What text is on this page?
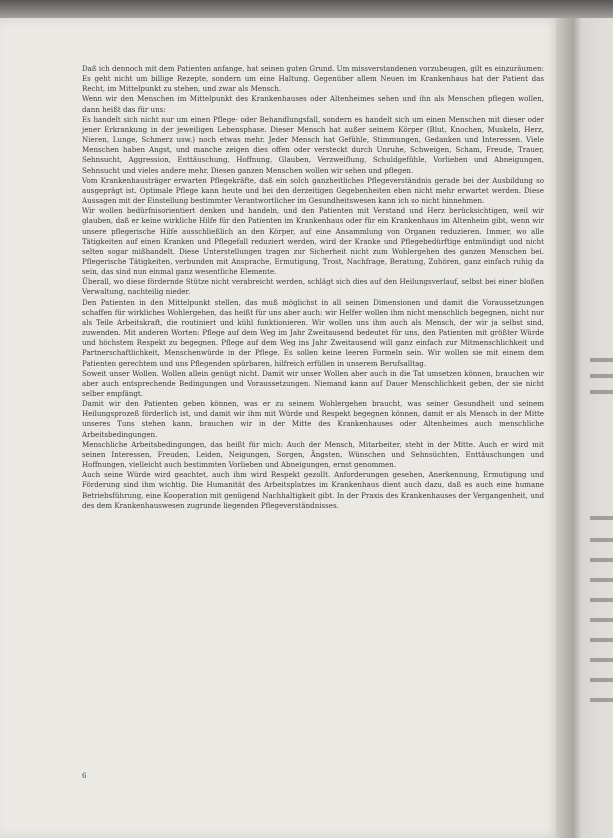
Daß ich dennoch mit dem Patienten anfange, hat seinen guten Grund. Um missverstandenen vorzubeugen, gilt es einzuräumen: Es geht nicht um billige Rezepte, sondern um eine Haltung. Gegenüber allem Neuen im Krankenhaus hat der Patient das Recht, im Mittelpunkt zu stehen, und zwar als Mensch.

Wenn wir den Menschen im Mittelpunkt des Krankenhauses oder Altenheimes sehen und ihn als Menschen pflegen wollen, dann heißt das für uns:

Es handelt sich nicht nur um einen Pflege- oder Behandlungsfall, sondern es handelt sich um einen Menschen mit dieser oder jener Erkrankung in der jeweiligen Lebensphase. Dieser Mensch hat außer seinem Körper (Blut, Knochen, Muskeln, Herz, Nieren, Lunge, Schmerz usw.) noch etwas mehr. Jeder Mensch hat Gefühle, Stimmungen, Gedanken und Interessen. Viele Menschen haben Angst, und manche zeigen dies offen oder versteckt durch Unruhe, Schweigen, Scham, Freude, Trauer, Sehnsucht, Aggression, Enttäuschung, Hoffnung, Glauben, Verzweiflung, Schuldgefühle, Vorlieben und Abneigungen, Sehnsucht und vieles andere mehr. Diesen ganzen Menschen wollen wir sehen und pflegen.

Vom Krankenhausträger erwarten Pflegekräfte, daß ein solch ganzheitliches Pflegeverständnis gerade bei der Ausbildung so ausgeprägt ist. Optimale Pflege kann heute und bei den derzeitigen Gegebenheiten eben nicht mehr erwartet werden. Diese Aussagen mit der Einstellung bestimmter Verantwortlicher im Gesundheitswesen kann ich so nicht hinnehmen.

Wir wollen bedürfnisorientiert denken und handeln, und den Patienten mit Verstand und Herz berücksichtigen, weil wir glauben, daß er keine wirkliche Hilfe für den Patienten im Krankenhaus oder für ein Krankenhaus im Altenheim gibt, wenn wir unsere pflegerische Hilfe ausschließlich an den Körper, auf eine Ansammlung von Organen reduzieren. Immer, wo alle Tätigkeiten auf einen Kranken und Pflegefall reduziert werden, wird der Kranke und Pflegebedürftige entmündigt und nicht selten sogar mißhandelt. Diese Unterstellungen tragen zur Sicherheit nicht zum Wohlergehen des ganzen Menschen bei. Pflegerische Tätigkeiten, verbunden mit Ansprache, Ermutigung, Trost, Nachfrage, Beratung, Zuhören, ganz einfach ruhig da sein, das sind nun einmal ganz wesentliche Elemente.

Überall, wo diese fördernde Stütze nicht verabreicht werden, schlägt sich dies auf den Heilungsverlauf, selbst bei einer bloßen Verwaltung, nachteilig nieder.

Den Patienten in den Mittelpunkt stellen, das muß möglichst in all seinen Dimensionen und damit die Voraussetzungen schaffen für wirkliches Wohlergehen, das heißt für uns aber auch: wir Helfer wollen ihm nicht menschlich begegnen, nicht nur als Teile Arbeitskraft, die routiniert und kühl funktionieren. Wir wollen uns ihm auch als Mensch, der wir ja selbst sind, zuwenden. Mit anderen Worten: Pflege auf dem Weg im Jahr Zweitausend bedeutet für uns, den Patienten mit größter Würde und höchstem Respekt zu begegnen. Pflege auf dem Weg ins Jahr Zweitausend will ganz einfach zur Mitmenschlichkeit und Partnerschaftlichkeit, Menschenwürde in der Pflege. Es sollen keine leeren Formeln sein. Wir wollen sie mit einem dem Patienten gerechtem und uns Pflegenden spürbaren, hilfreich erfüllen in unserem Berufsalltag.

Soweit unser Wollen. Wollen allein genügt nicht. Damit wir unser Wollen aber auch in die Tat umsetzen können, brauchen wir aber auch entsprechende Bedingungen und Voraussetzungen. Niemand kann auf Dauer Menschlichkeit geben, der sie nicht selber empfängt.

Damit wir den Patienten geben können, was er zu seinem Wohlergehen braucht, was seiner Gesundheit und seinem Heilungsprozeß förderlich ist, und damit wir ihm mit Würde und Respekt begegnen können, damit er als Mensch in der Mitte unseres Tuns stehen kann, brauchen wir in der Mitte des Krankenhauses oder Altenheimes auch menschliche Arbeitsbedingungen.

Menschliche Arbeitsbedingungen, das heißt für mich: Auch der Mensch, Mitarbeiter, steht in der Mitte. Auch er wird mit seinen Interessen, Freuden, Leiden, Neigungen, Sorgen, Ängsten, Wünschen und Sehnsüchten, Enttäuschungen und Hoffnungen, vielleicht auch bestimmten Vorlieben und Abneigungen, ernst genommen.

Auch seine Würde wird geachtet, auch ihm wird Respekt gezollt. Anforderungen gesehen, Anerkennung, Ermutigung und Förderung sind ihm wichtig. Die Humanität des Arbeitsplatzes im Krankenhaus dient auch dazu, daß es auch eine humane Betriebsführung, eine Kooperation mit genügend Nachhaltigkeit gibt. In der Praxis des Krankenhauses der Vergangenheit, und des dem Krankenhauswesen zugrunde liegenden Pflegeverständnisses.

6
